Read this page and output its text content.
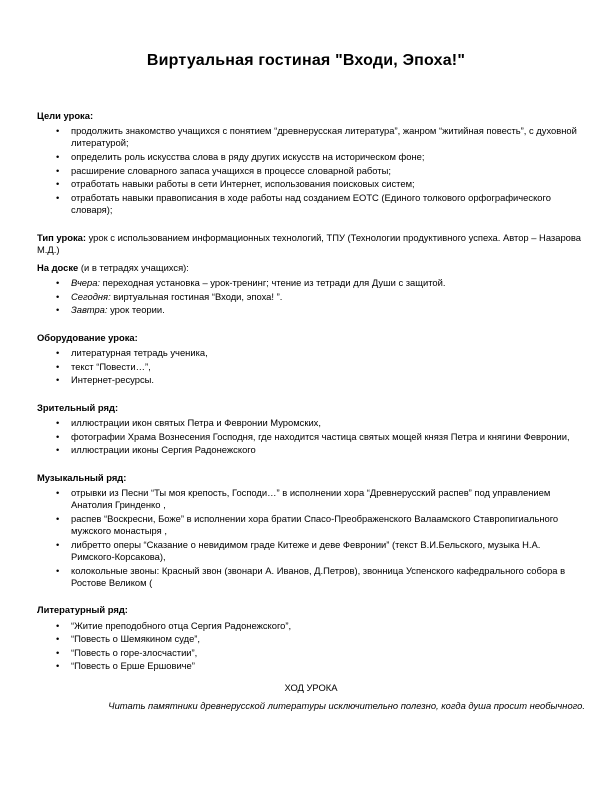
Виртуальная гостиная "Входи, Эпоха!"

Цели урока:

• продолжить знакомство учащихся с понятием “древнерусская литература”, жанром “житийная повесть”, с духовной литературой;
• определить роль искусства слова в ряду других искусств на историческом фоне;
• расширение словарного запаса учащихся в процессе словарной работы;
• отработать навыки работы в сети Интернет, использования поисковых систем;
• отработать навыки правописания в ходе работы над созданием ЕОТС (Единого толкового орфографического словаря);

Тип урока: урок с использованием информационных технологий, ТПУ (Технологии продуктивного успеха. Автор – Назарова М.Д.)

На доске (и в тетрадях учащихся):

• Вчера: переходная установка – урок-тренинг; чтение из тетради для Души с защитой.
• Сегодня: виртуальная гостиная “Входи, эпоха! ”.
• Завтра: урок теории.

Оборудование урока:

• литературная тетрадь ученика,
• текст “Повести…”,
• Интернет-ресурсы.

Зрительный ряд:

• иллюстрации икон святых Петра и Февронии Муромских,
• фотографии Храма Вознесения Господня, где находится частица святых мощей князя Петра и княгини Февронии,
• иллюстрации иконы Сергия Радонежского

Музыкальный ряд:

• отрывки из Песни “Ты моя крепость, Господи…” в исполнении хора “Древнерусский распев” под управлением Анатолия Гринденко ,
• распев “Воскресни, Боже” в исполнении хора братии Спасо-Преображенского Валаамского Ставропигиального мужского монастыря ,
• либретто оперы “Сказание о невидимом граде Китеже и деве Февронии” (текст В.И.Бельского, музыка Н.А. Римского-Корсакова),
• колокольные звоны: Красный звон (звонари А. Иванов, Д.Петров), звонница Успенского кафедрального собора в Ростове Великом (

Литературный ряд:

• “Житие преподобного отца Сергия Радонежского”,
• “Повесть о Шемякином суде”,
• “Повесть о горе-злосчастии”,
• “Повесть о Ерше Ершовиче”

ХОД УРОКА

Читать памятники древнерусской литературы исключительно полезно, когда душа просит необычного.
